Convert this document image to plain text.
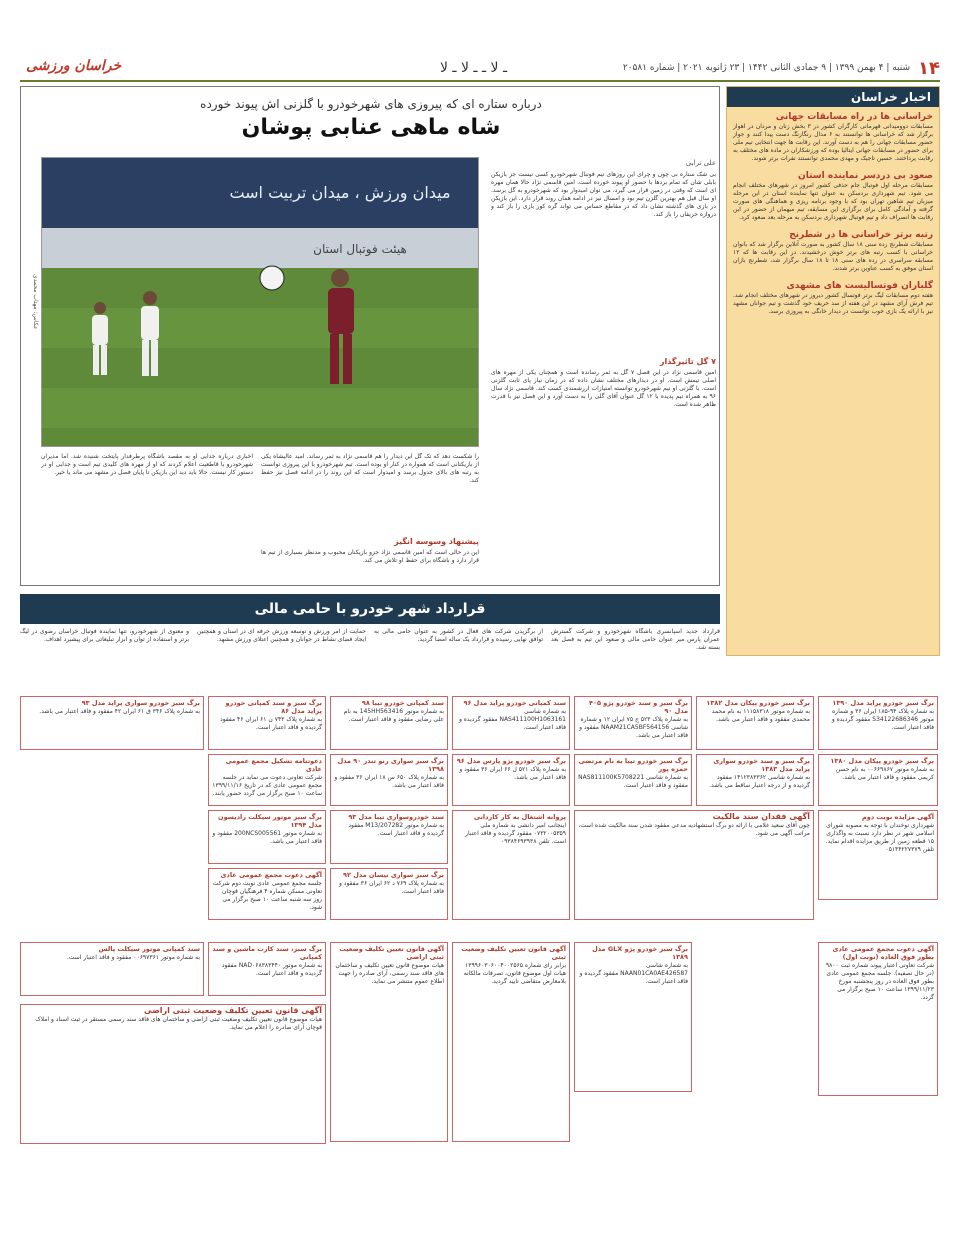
۱۴
شنبه | ۴ بهمن ۱۳۹۹ | ۹ جمادی الثانی ۱۴۴۲ | ۲۳ ژانویه ۲۰۲۱ | شماره ۲۰۵۸۱
ـ لا ـ ـ لا ـ لا
خراسان ورزشی
اخبار خراسان
خراسانی ها در راه مسابقات جهانی

مسابقات دوومیدانی قهرمانی کارگران کشور در ۳ بخش زنان و مردان در اهواز برگزار شد که خراسانی ها توانستند به ۶ مدال رنگارنگ دست پیدا کنند و جواز حضور مسابقات جهانی را هم به دست آورند. این رقابت ها جهت انتخابی تیم ملی برای حضور در مسابقات جهانی ایتالیا بوده که ورزشکاران در ماده های مختلف به رقابت پرداختند. حسین تاجیک و مهدی محمدی توانستند نفرات برتر شوند.

صعود بی دردسر نماینده استان

مسابقات مرحله اول فوتبال جام حذفی کشور امروز در شهرهای مختلف انجام می شود. تیم شهرداری بردسکن به عنوان تنها نماینده استان در این مرحله میزبان تیم شاهین تهران بود که با وجود برنامه ریزی و هماهنگی های صورت گرفته و آمادگی کامل برای برگزاری این مسابقه، تیم میهمان از حضور در این رقابت ها انصراف داد و تیم فوتبال شهرداری بردسکن به مرحله بعد صعود کرد.

رتبه برتر خراسانی ها در شطرنج

مسابقات شطرنج رده سنی ۱۸ سال کشور به صورت آنلاین برگزار شد که بانوان خراسانی با کسب رتبه های برتر خوش درخشیدند. در این رقابت ها که ۱۲ مسابقه سراسری در رده های سنی ۱۸ تا ۱۸ سال برگزار شد، شطرنج بازان استان موفق به کسب عناوین برتر شدند.

گلباران فوتسالیست های مشهدی

هفته دوم مسابقات لیگ برتر فوتسال کشور دیروز در شهرهای مختلف انجام شد. تیم فرش آرای مشهد در این هفته از سد حریف خود گذشت و تیم جوانان مشهد نیز با ارائه یک بازی خوب توانست در دیدار خانگی به پیروزی برسد.

درباره ستاره ای که پیروزی های شهرخودرو با گلزنی اش پیوند خورده
شاه ماهی عنابی پوشان
میدان ورزش ، میدان تربیت است
هیئت فوتبال استان
عکاس: مهتاب محمدی
علی ترابی
بی شک ستاره بی چون و چرای این روزهای تیم فوتبال شهرخودرو کسی نیست جز بازیکن بابلی شان که تمام بردها با حضور او پیوند خورده است. امین قاسمی نژاد حالا همان مهره ای است که وقتی در زمین قرار می گیرد، می توان امیدوار بود که شهرخودرو به گل برسد. او سال قبل هم بهترین گلزن تیم بود و امسال نیز در ادامه همان روند قرار دارد. این بازیکن در بازی های گذشته نشان داد که در مقاطع حساس می تواند گره کور بازی را باز کند و دروازه حریفان را باز کند.
۷ گل تاثیرگذار
امین قاسمی نژاد در این فصل ۷ گل به ثمر رسانده است و همچنان یکی از مهره های اصلی تیمش است. او در دیدارهای مختلف نشان داده که در زمان نیاز پای ثابت گلزنی است. با گلزنی او تیم شهرخودرو توانسته امتیازات ارزشمندی کسب کند. قاسمی نژاد سال ۹۶ به همراه تیم پدیده با ۱۲ گل عنوان آقای گلی را به دست آورد و این فصل نیز با قدرت ظاهر شده است.
را شکست دهد که تک گل این دیدار را هم قاسمی نژاد به ثمر رساند. امید عالیشاه یکی از بازیکنانی است که همواره در کنار او بوده است. تیم شهرخودرو با این پیروزی توانست به رتبه های بالای جدول برسد و امیدوار است که این روند را در ادامه فصل نیز حفظ کند.
پیشنهاد وسوسه انگیز
این در حالی است که امین قاسمی نژاد جزو بازیکنان محبوب و مدنظر بسیاری از تیم ها قرار دارد و باشگاه برای حفظ او تلاش می کند.
اخباری درباره جدایی او به مقصد باشگاه پرطرفدار پایتخت شنیده شد. اما مدیران شهرخودرو با قاطعیت اعلام کردند که او از مهره های کلیدی تیم است و جدایی او در دستور کار نیست. حالا باید دید این بازیکن تا پایان فصل در مشهد می ماند یا خیر.
قرارداد شهر خودرو با حامی مالی
قرارداد جدید اسپانسری باشگاه شهرخودرو و شرکت گسترش عمران پارس میر عنوان حامی مالی و صعود این تیم به فصل بعد بسته شد.
از برگزیدن شرکت های فعال در کشور به عنوان حامی مالی به توافق نهایی رسیده و قرارداد یک ساله امضا گردید.
حمایت از امر ورزش و توسعه ورزش حرفه ای در استان و همچنین ایجاد فضای نشاط در جوانان و همچنین اعتلای ورزش مشهد.
و معنوی از شهرخودرو، تنها نماینده فوتبال خراسان رضوی در لیگ برتر و استفاده از توان و ابزار تبلیغاتی برای پیشبرد اهداف.
برگ سبز خودرو پراید مدل ۱۳۹۰
به شماره پلاک ۹۴-۱۸۵ ایران ۳۶ و شماره موتور S34122686346 مفقود گردیده و فاقد اعتبار است.
برگ سبز خودرو پیکان مدل ۱۳۸۲
به شماره موتور ۱۱۱۵۸۳۱۸ به نام محمد محمدی مفقود و فاقد اعتبار می باشد.
برگ سبز و سند خودرو پژو ۴۰۵ مدل ۹۰
به شماره پلاک ۵۲۳ ج ۷۵ ایران ۱۲ و شماره شاسی NAAM21CA5BF564156 مفقود و فاقد اعتبار می باشد.
سند کمپانی خودرو پراید مدل ۹۶
به شماره شاسی NAS411100H1063161 مفقود گردیده و فاقد اعتبار است.
سند کمپانی خودرو تیبا ۹۸
به شماره موتور 145HH563416 به نام علی رضایی مفقود و فاقد اعتبار است.
برگ سبز و سند کمپانی خودرو پراید مدل ۸۶
به شماره پلاک ۷۴۳ ن ۶۱ ایران ۴۶ مفقود گردیده و فاقد اعتبار است.
برگ سبز خودرو سواری پراید مدل ۹۳
به شماره پلاک ۳۴۶ ق ۶۱ ایران ۴۲ مفقود و فاقد اعتبار می باشد.
برگ سبز خودرو پیکان مدل ۱۳۸۰
به شماره موتور ۰۰۶۶۹۸۶۷ به نام حسن کریمی مفقود و فاقد اعتبار می باشد.
برگ سبز و سند خودرو سواری پراید مدل ۱۳۸۳
به شماره شاسی ۱۴۱۲۳۸۳۳۶۲ مفقود گردیده و از درجه اعتبار ساقط می باشد.
برگ سبز خودرو تیبا به نام مرتضی حمزه پور
به شماره شاسی NAS811100K5708221 مفقود و فاقد اعتبار است.
برگ سبز خودرو پژو پارس مدل ۹۶
به شماره پلاک ۵۲۱ ل ۶۶ ایران ۳۶ مفقود و فاقد اعتبار می باشد.
برگ سبز سواری رنو تندر ۹۰ مدل ۱۳۹۸
به شماره پلاک ۶۵۰ س ۱۸ ایران ۳۶ مفقود و فاقد اعتبار می باشد.
دعوتنامه تشکیل مجمع عمومی عادی
شرکت تعاونی دعوت می نماید در جلسه مجمع عمومی عادی که در تاریخ ۱۳۹۹/۱۱/۱۶ ساعت ۱۰ صبح برگزار می گردد حضور یابند.
آگهی مزایده نوبت دوم
شهرداری نوخندان با توجه به مصوبه شورای اسلامی شهر در نظر دارد نسبت به واگذاری ۱۵ قطعه زمین از طریق مزایده اقدام نماید. تلفن ۰۵۱۴۴۲۲۷۳۷۹
آگهی فقدان سند مالکیت
چون آقای سعید غلامی با ارائه دو برگ استشهادیه مدعی مفقود شدن سند مالکیت شده است، مراتب آگهی می شود.
پروانه اشتغال به کار کاردانی
اینجانب امیر دانشی به شماره ملی ۰۷۳۲۰۰۵۳۵۹ مفقود گردیده و فاقد اعتبار است. تلفن ۰۹۳۸۴۶۹۳۹۳۸
سند خودروسواری تیبا مدل ۹۳
به شماره موتور M13/207282 مفقود گردیده و فاقد اعتبار است.
برگ سبز موتور سیکلت رادیسون مدل ۱۳۹۴
به شماره موتور 200NCS005561 مفقود و فاقد اعتبار می باشد.
برگ سبز سواری نیسان مدل ۹۲
به شماره پلاک ۷۶۹ د ۶۲ ایران ۳۶ مفقود و فاقد اعتبار است.
آگهی دعوت مجمع عمومی عادی
جلسه مجمع عمومی عادی نوبت دوم شرکت تعاونی مسکن شماره ۴ فرهنگیان قوچان روز سه شنبه ساعت ۱۰ صبح برگزار می شود.
آگهی دعوت مجمع عمومی عادی بطور فوق العاده (نوبت اول)
شرکت تعاونی اعتبار پیوند شماره ثبت ۹۸۰۰ (در حال تصفیه). جلسه مجمع عمومی عادی بطور فوق العاده در روز پنجشنبه مورخ ۱۳۹۹/۱۱/۲۳ ساعت ۱۰ صبح برگزار می گردد.
آگهی قانون تعیین تکلیف وضعیت ثبتی اراضی
هیات موضوع قانون تعیین تکلیف وضعیت ثبتی اراضی و ساختمان های فاقد سند رسمی مستقر در ثبت اسناد و املاک قوچان آرای صادره را اعلام می نماید.
آگهی قانون تعیین تکلیف وضعیت ثبتی
برابر رای شماره ۱۳۹۹۶۰۳۰۶۰۰۴۰۰۲۵۶۵ هیات اول موضوع قانون، تصرفات مالکانه بلامعارض متقاضی تایید گردید.
آگهی قانون تعیین تکلیف وضعیت ثبتی اراضی
هیات موضوع قانون تعیین تکلیف و ساختمان های فاقد سند رسمی، آرای صادره را جهت اطلاع عموم منتشر می نماید.
برگ سبز خودرو پژو GLX مدل ۱۳۸۹
به شماره شاسی NAAN01CA0AE426587 مفقود گردیده و فاقد اعتبار است.
برگ سبز، سند کارت ماشین و سند کمپانی
به شماره موتور NAD۰۶۸۳۸۳۴۴۰ مفقود گردیده و فاقد اعتبار است.
سند کمپانی موتور سیکلت پالس
به شماره موتور ۰۰۶۹۷۳۶۱ مفقود و فاقد اعتبار است.
